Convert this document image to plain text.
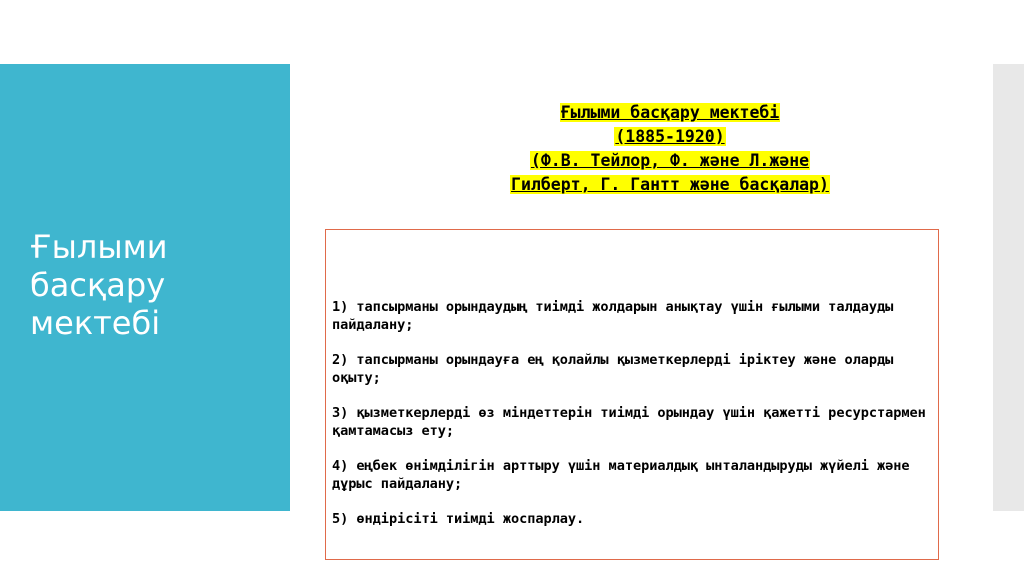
Ғылыми
басқару
мектебі
Ғылыми басқару мектебі
(1885-1920)
(Ф.В. Тейлор, Ф. және Л.және
Гилберт, Г. Гантт және басқалар)
1) тапсырманы орындаудың тиімді жолдарын анықтау үшін ғылыми талдауды пайдалану;
2) тапсырманы орындауға ең қолайлы қызметкерлерді іріктеу және оларды оқыту;
3) қызметкерлерді өз міндеттерін тиімді орындау үшін қажетті ресурстармен қамтамасыз ету;
4) еңбек өнімділігін арттыру үшін материалдық ынталандыруды жүйелі және дұрыс пайдалану;
5) өндірісіті тиімді жоспарлау.
